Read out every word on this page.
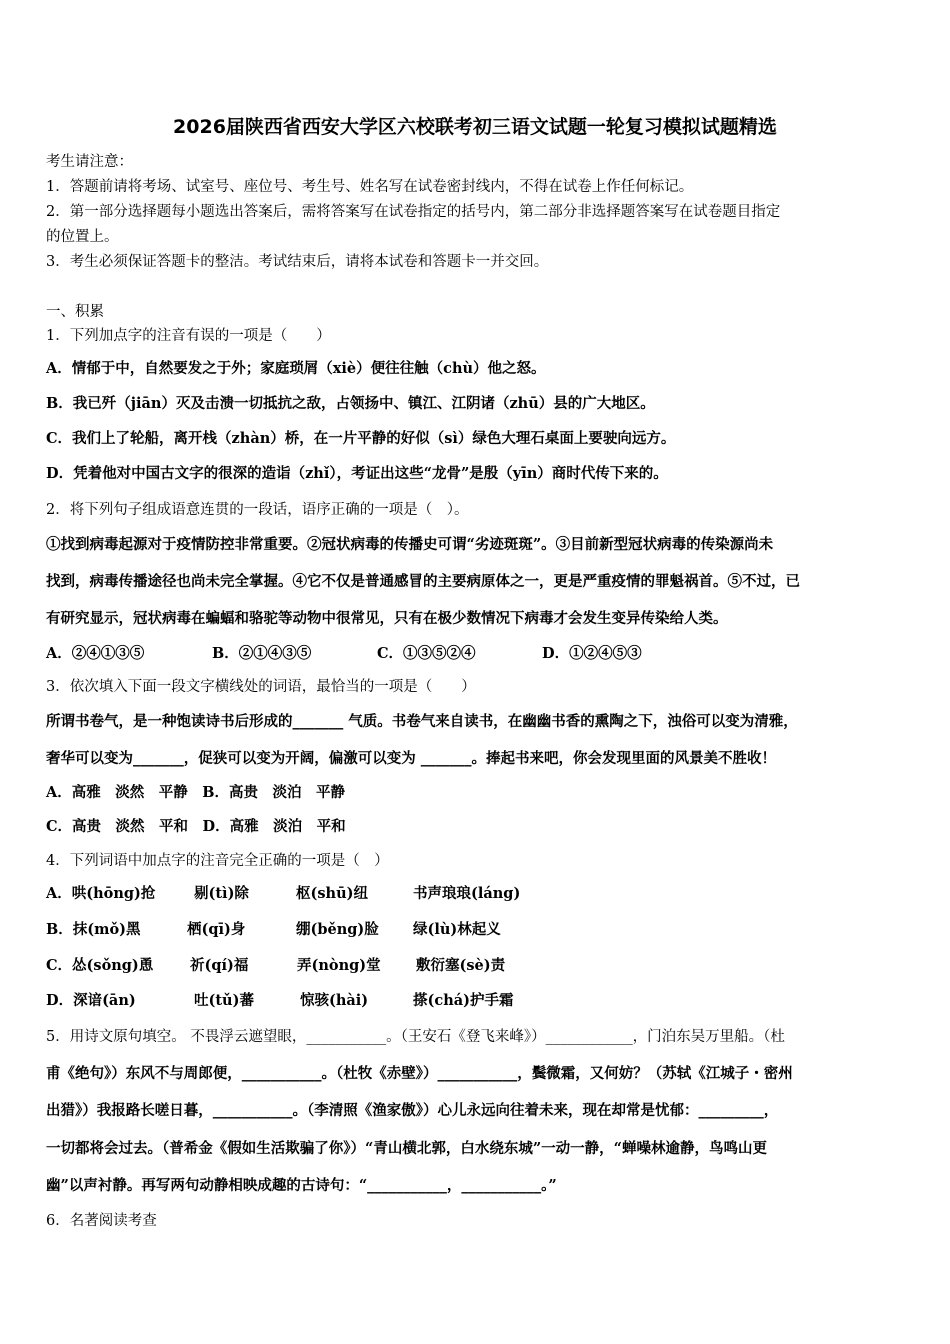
2026届陕西省西安大学区六校联考初三语文试题一轮复习模拟试题精选
考生请注意：
1．答题前请将考场、试室号、座位号、考生号、姓名写在试卷密封线内，不得在试卷上作任何标记。
2．第一部分选择题每小题选出答案后，需将答案写在试卷指定的括号内，第二部分非选择题答案写在试卷题目指定
的位置上。
3．考生必须保证答题卡的整洁。考试结束后，请将本试卷和答题卡一并交回。
一、积累
1．下列加点字的注音有误的一项是（　　）
A．情郁于中，自然要发之于外；家庭琐屑（xiè）便往往触（chù）他之怒。
B．我已歼（jiān）灭及击溃一切抵抗之敌，占领扬中、镇江、江阴诸（zhū）县的广大地区。
C．我们上了轮船，离开栈（zhàn）桥，在一片平静的好似（sì）绿色大理石桌面上要驶向远方。
D．凭着他对中国古文字的很深的造诣（zhǐ），考证出这些“龙骨”是殷（yīn）商时代传下来的。
2．将下列句子组成语意连贯的一段话，语序正确的一项是（　）。
①找到病毒起源对于疫情防控非常重要。②冠状病毒的传播史可谓“劣迹斑斑”。③目前新型冠状病毒的传染源尚未
找到，病毒传播途径也尚未完全掌握。④它不仅是普通感冒的主要病原体之一，更是严重疫情的罪魁祸首。⑤不过，已
有研究显示，冠状病毒在蝙蝠和骆驼等动物中很常见，只有在极少数情况下病毒才会发生变异传染给人类。
A．②④①③⑤	B．②①④③⑤	C．①③⑤②④	D．①②④⑤③
3．依次填入下面一段文字横线处的词语，最恰当的一项是（　　）
所谓书卷气，是一种饱读诗书后形成的_______ 气质。书卷气来自读书，在幽幽书香的熏陶之下，浊俗可以变为清雅，
奢华可以变为_______，促狭可以变为开阔，偏激可以变为 _______。捧起书来吧，你会发现里面的风景美不胜收！
A．高雅　淡然　平静　B．高贵　淡泊　平静
C．高贵　淡然　平和　D．高雅　淡泊　平和
4．下列词语中加点字的注音完全正确的一项是（　）
A．哄(hōng)抢	剔(tì)除	枢(shū)纽	书声琅琅(láng)
B．抹(mǒ)黑	栖(qī)身	绷(běng)脸 绿(lù)林起义
C．怂(sǒng)恿	祈(qí)福	弄(nòng)堂 敷衍塞(sè)责
D．深谙(ān)	吐(tǔ)蕃	惊骇(hài)	搽(chá)护手霜
5．用诗文原句填空。 不畏浮云遮望眼，___________。（王安石《登飞来峰》）____________，门泊东吴万里船。（杜
甫《绝句》）东风不与周郎便，___________。（杜牧《赤壁》）___________，鬓微霜，又何妨？（苏轼《江城子・密州
出猎》）我报路长嗟日暮，___________。（李清照《渔家傲》）心儿永远向往着未来，现在却常是忧郁：_________，
一切都将会过去。（普希金《假如生活欺骗了你》）“青山横北郭，白水绕东城”一动一静，“蝉噪林逾静，鸟鸣山更
幽”以声衬静。再写两句动静相映成趣的古诗句：“___________，___________。”
6．名著阅读考查
